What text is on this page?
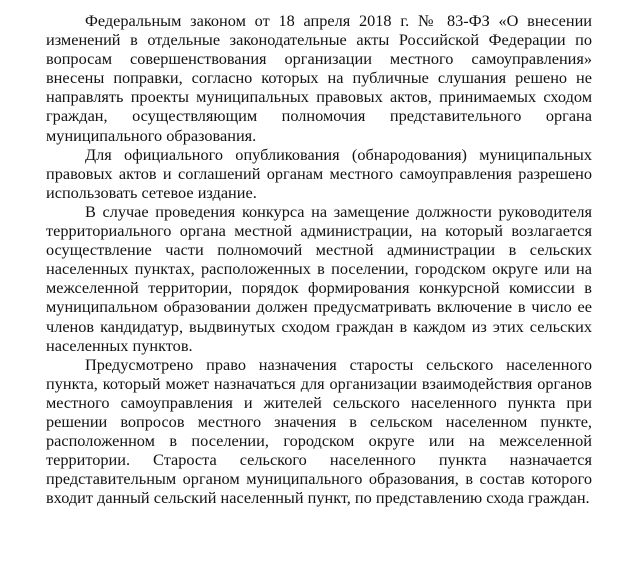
Федеральным законом от 18 апреля 2018 г. № 83-ФЗ «О внесении изменений в отдельные законодательные акты Российской Федерации по вопросам совершенствования организации местного самоуправления» внесены поправки, согласно которых на публичные слушания решено не направлять проекты муниципальных правовых актов, принимаемых сходом граждан, осуществляющим полномочия представительного органа муниципального образования.

Для официального опубликования (обнародования) муниципальных правовых актов и соглашений органам местного самоуправления разрешено использовать сетевое издание.

В случае проведения конкурса на замещение должности руководителя территориального органа местной администрации, на который возлагается осуществление части полномочий местной администрации в сельских населенных пунктах, расположенных в поселении, городском округе или на межселенной территории, порядок формирования конкурсной комиссии в муниципальном образовании должен предусматривать включение в число ее членов кандидатур, выдвинутых сходом граждан в каждом из этих сельских населенных пунктов.

Предусмотрено право назначения старосты сельского населенного пункта, который может назначаться для организации взаимодействия органов местного самоуправления и жителей сельского населенного пункта при решении вопросов местного значения в сельском населенном пункте, расположенном в поселении, городском округе или на межселенной территории. Староста сельского населенного пункта назначается представительным органом муниципального образования, в состав которого входит данный сельский населенный пункт, по представлению схода граждан.
